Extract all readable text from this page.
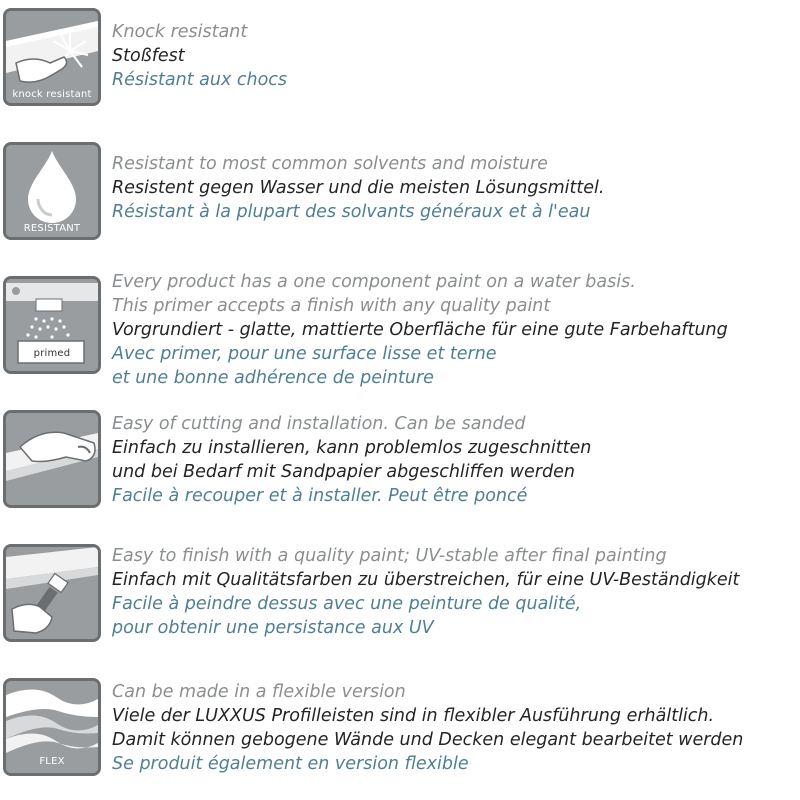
knock resistant
Knock resistant
Stoßfest
Résistant aux chocs
RESISTANT
Resistant to most common solvents and moisture
Resistent gegen Wasser und die meisten Lösungsmittel.
Résistant à la plupart des solvants généraux et à l'eau
primed
Every product has a one component paint on a water basis.
This primer accepts a finish with any quality paint
Vorgrundiert - glatte, mattierte Oberfläche für eine gute Farbehaftung
Avec primer, pour une surface lisse et terne
et une bonne adhérence de peinture
Easy of cutting and installation. Can be sanded
Einfach zu installieren, kann problemlos zugeschnitten
und bei Bedarf mit Sandpapier abgeschliffen werden
Facile à recouper et à installer. Peut être poncé
Easy to finish with a quality paint; UV-stable after final painting
Einfach mit Qualitätsfarben zu überstreichen, für eine UV-Beständigkeit
Facile à peindre dessus avec une peinture de qualité,
pour obtenir une persistance aux UV
FLEX
Can be made in a flexible version
Viele der LUXXUS Profilleisten sind in flexibler Ausführung erhältlich.
Damit können gebogene Wände und Decken elegant bearbeitet werden
Se produit également en version flexible
